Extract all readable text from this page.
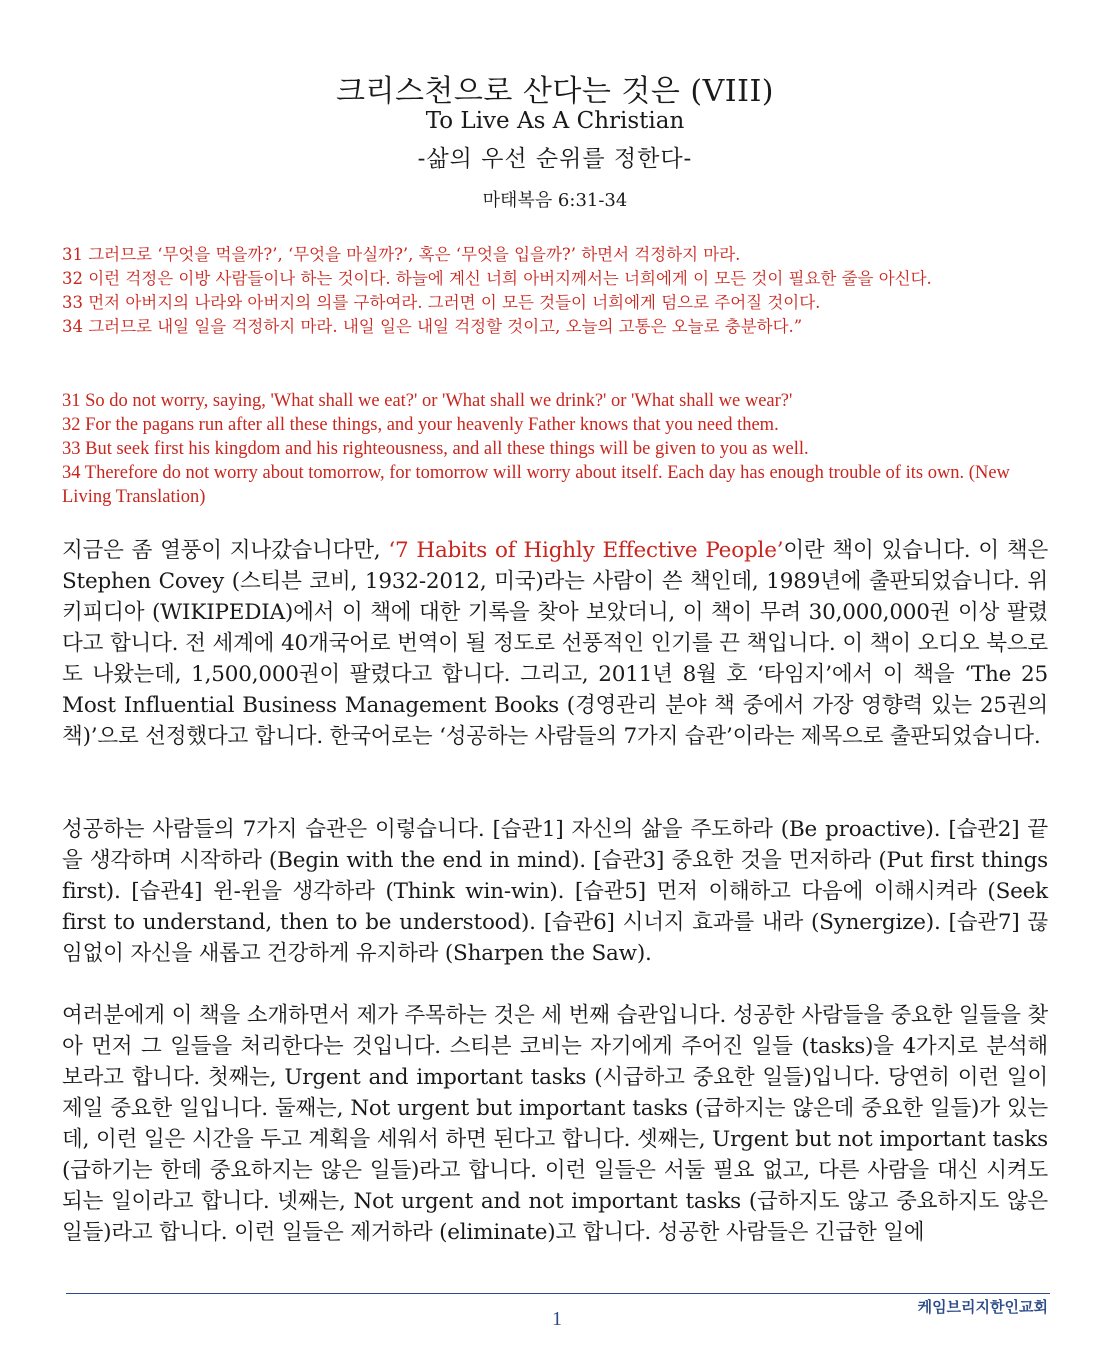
크리스천으로 산다는 것은 (VIII)
To Live As A Christian
-삶의 우선 순위를 정한다-
마태복음 6:31-34
31 그러므로 ‘무엇을 먹을까?’, ‘무엇을 마실까?’, 혹은 ‘무엇을 입을까?’ 하면서 걱정하지 마라.
32 이런 걱정은 이방 사람들이나 하는 것이다. 하늘에 계신 너희 아버지께서는 너희에게 이 모든 것이 필요한 줄을 아신다.
33 먼저 아버지의 나라와 아버지의 의를 구하여라. 그러면 이 모든 것들이 너희에게 덤으로 주어질 것이다.
34 그러므로 내일 일을 걱정하지 마라. 내일 일은 내일 걱정할 것이고, 오늘의 고통은 오늘로 충분하다.”
31 So do not worry, saying, 'What shall we eat?' or 'What shall we drink?' or 'What shall we wear?'
32 For the pagans run after all these things, and your heavenly Father knows that you need them.
33 But seek first his kingdom and his righteousness, and all these things will be given to you as well.
34 Therefore do not worry about tomorrow, for tomorrow will worry about itself. Each day has enough trouble of its own. (New Living Translation)
지금은 좀 열풍이 지나갔습니다만, ‘7 Habits of Highly Effective People’이란 책이 있습니다. 이 책은 Stephen Covey (스티븐 코비, 1932-2012, 미국)라는 사람이 쓴 책인데, 1989년에 출판되었습니다. 위키피디아 (WIKIPEDIA)에서 이 책에 대한 기록을 찾아 보았더니, 이 책이 무려 30,000,000권 이상 팔렸다고 합니다. 전 세계에 40개국어로 번역이 될 정도로 선풍적인 인기를 끈 책입니다. 이 책이 오디오 북으로도 나왔는데, 1,500,000권이 팔렸다고 합니다. 그리고, 2011년 8월 호 ‘타임지’에서 이 책을 ‘The 25 Most Influential Business Management Books (경영관리 분야 책 중에서 가장 영향력 있는 25권의 책)’으로 선정했다고 합니다. 한국어로는 ‘성공하는 사람들의 7가지 습관’이라는 제목으로 출판되었습니다.
성공하는 사람들의 7가지 습관은 이렇습니다. [습관1] 자신의 삶을 주도하라 (Be proactive). [습관2] 끝을 생각하며 시작하라 (Begin with the end in mind). [습관3] 중요한 것을 먼저하라 (Put first things first). [습관4] 윈-윈을 생각하라 (Think win-win). [습관5] 먼저 이해하고 다음에 이해시켜라 (Seek first to understand, then to be understood). [습관6] 시너지 효과를 내라 (Synergize). [습관7] 끊임없이 자신을 새롭고 건강하게 유지하라 (Sharpen the Saw).
여러분에게 이 책을 소개하면서 제가 주목하는 것은 세 번째 습관입니다. 성공한 사람들을 중요한 일들을 찾아 먼저 그 일들을 처리한다는 것입니다. 스티븐 코비는 자기에게 주어진 일들 (tasks)을 4가지로 분석해 보라고 합니다. 첫째는, Urgent and important tasks (시급하고 중요한 일들)입니다. 당연히 이런 일이 제일 중요한 일입니다. 둘째는, Not urgent but important tasks (급하지는 않은데 중요한 일들)가 있는데, 이런 일은 시간을 두고 계획을 세워서 하면 된다고 합니다. 셋째는, Urgent but not important tasks (급하기는 한데 중요하지는 않은 일들)라고 합니다. 이런 일들은 서둘 필요 없고, 다른 사람을 대신 시켜도 되는 일이라고 합니다. 넷째는, Not urgent and not important tasks (급하지도 않고 중요하지도 않은 일들)라고 합니다. 이런 일들은 제거하라 (eliminate)고 합니다. 성공한 사람들은 긴급한 일에
케임브리지한인교회
1
